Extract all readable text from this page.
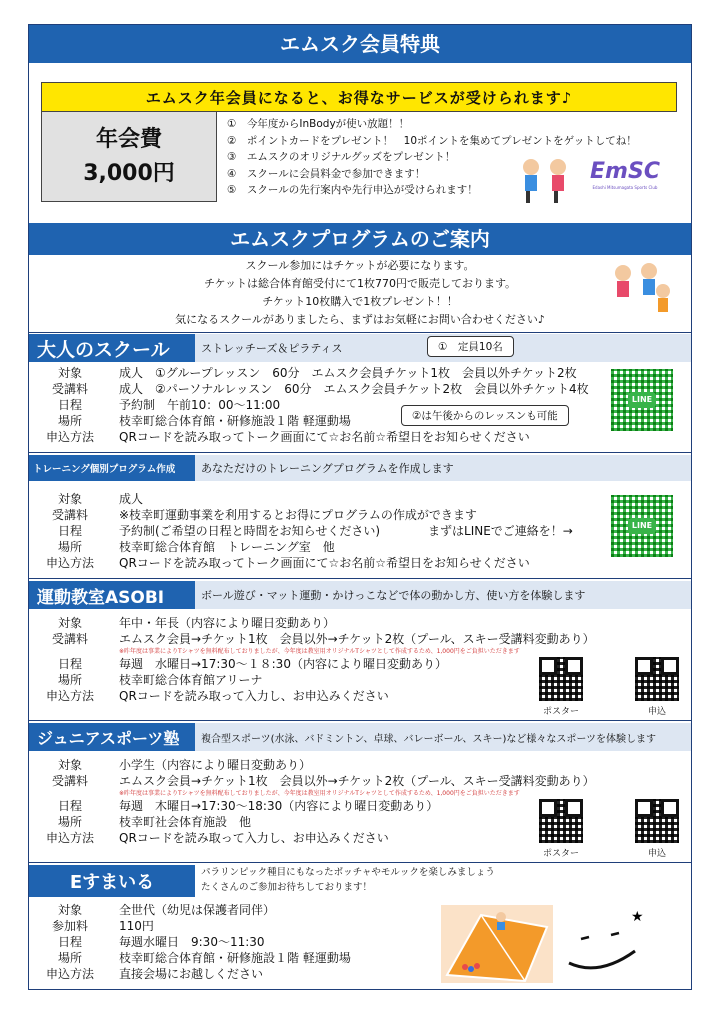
エムスク会員特典
エムスク年会員になると、お得なサービスが受けられます♪
年会費
3,000円
①　今年度からInBodyが使い放題！！
②　ポイントカードをプレゼント！　10ポイントを集めてプレゼントをゲットしてね！
③　エムスクのオリジナルグッズをプレゼント！
④　スクールに会員料金で参加できます！
⑤　スクールの先行案内や先行申込が受けられます！
EmSC
Edashi Mitsumagata Sports Club
エムスクプログラムのご案内
スクール参加にはチケットが必要になります。
チケットは総合体育館受付にて1枚770円で販売しております。
チケット10枚購入で1枚プレゼント！！
気になるスクールがありましたら、まずはお気軽にお問い合わせください♪
大人のスクール	ストレッチーズ＆ピラティス	①　定員10名
対象	成人　①グループレッスン　60分　エムスク会員チケット1枚　会員以外チケット2枚
受講料	成人　②パーソナルレッスン　60分　エムスク会員チケット2枚　会員以外チケット4枚
日程	予約制　午前10：00〜11:00
場所	枝幸町総合体育館・研修施設１階 軽運動場
申込方法	QRコードを読み取ってトーク画面にて☆お名前☆希望日をお知らせください
②は午後からのレッスンも可能
LINE
トレーニング個別プログラム作成	あなただけのトレーニングプログラムを作成します
対象	成人
受講料	※枝幸町運動事業を利用するとお得にプログラムの作成ができます
日程	予約制(ご希望の日程と時間をお知らせください)　　　　まずはLINEでご連絡を！→
場所	枝幸町総合体育館　トレーニング室　他
申込方法	QRコードを読み取ってトーク画面にて☆お名前☆希望日をお知らせください
LINE
運動教室ASOBI	ボール遊び・マット運動・かけっこなどで体の動かし方、使い方を体験します
対象	年中・年長（内容により曜日変動あり）
受講料	エムスク会員→チケット1枚　会員以外→チケット2枚（プール、スキー受講料変動あり）
※昨年度は事業によりTシャツを無料配布しておりましたが、今年度は教室用オリジナルTシャツとして作成するため、1,000円をご負担いただきます
日程	毎週　水曜日→17:30〜１８:30（内容により曜日変動あり）
場所	枝幸町総合体育館アリーナ
申込方法	QRコードを読み取って入力し、お申込みください
ポスター	申込
ジュニアスポーツ塾	複合型スポーツ(水泳、バドミントン、卓球、バレーボール、スキー)など様々なスポーツを体験します
対象	小学生（内容により曜日変動あり）
受講料	エムスク会員→チケット1枚　会員以外→チケット2枚（プール、スキー受講料変動あり）
※昨年度は事業によりTシャツを無料配布しておりましたが、今年度は教室用オリジナルTシャツとして作成するため、1,000円をご負担いただきます
日程	毎週　木曜日→17:30〜18:30（内容により曜日変動あり）
場所	枝幸町社会体育施設　他
申込方法	QRコードを読み取って入力し、お申込みください
ポスター	申込
Eすまいる	パラリンピック種目にもなったボッチャやモルックを楽しみましょう
たくさんのご参加お待ちしております！
対象	全世代（幼児は保護者同伴）
参加料	110円
日程	毎週水曜日　9:30〜11:30
場所	枝幸町総合体育館・研修施設１階 軽運動場
申込方法	直接会場にお越しください
★
